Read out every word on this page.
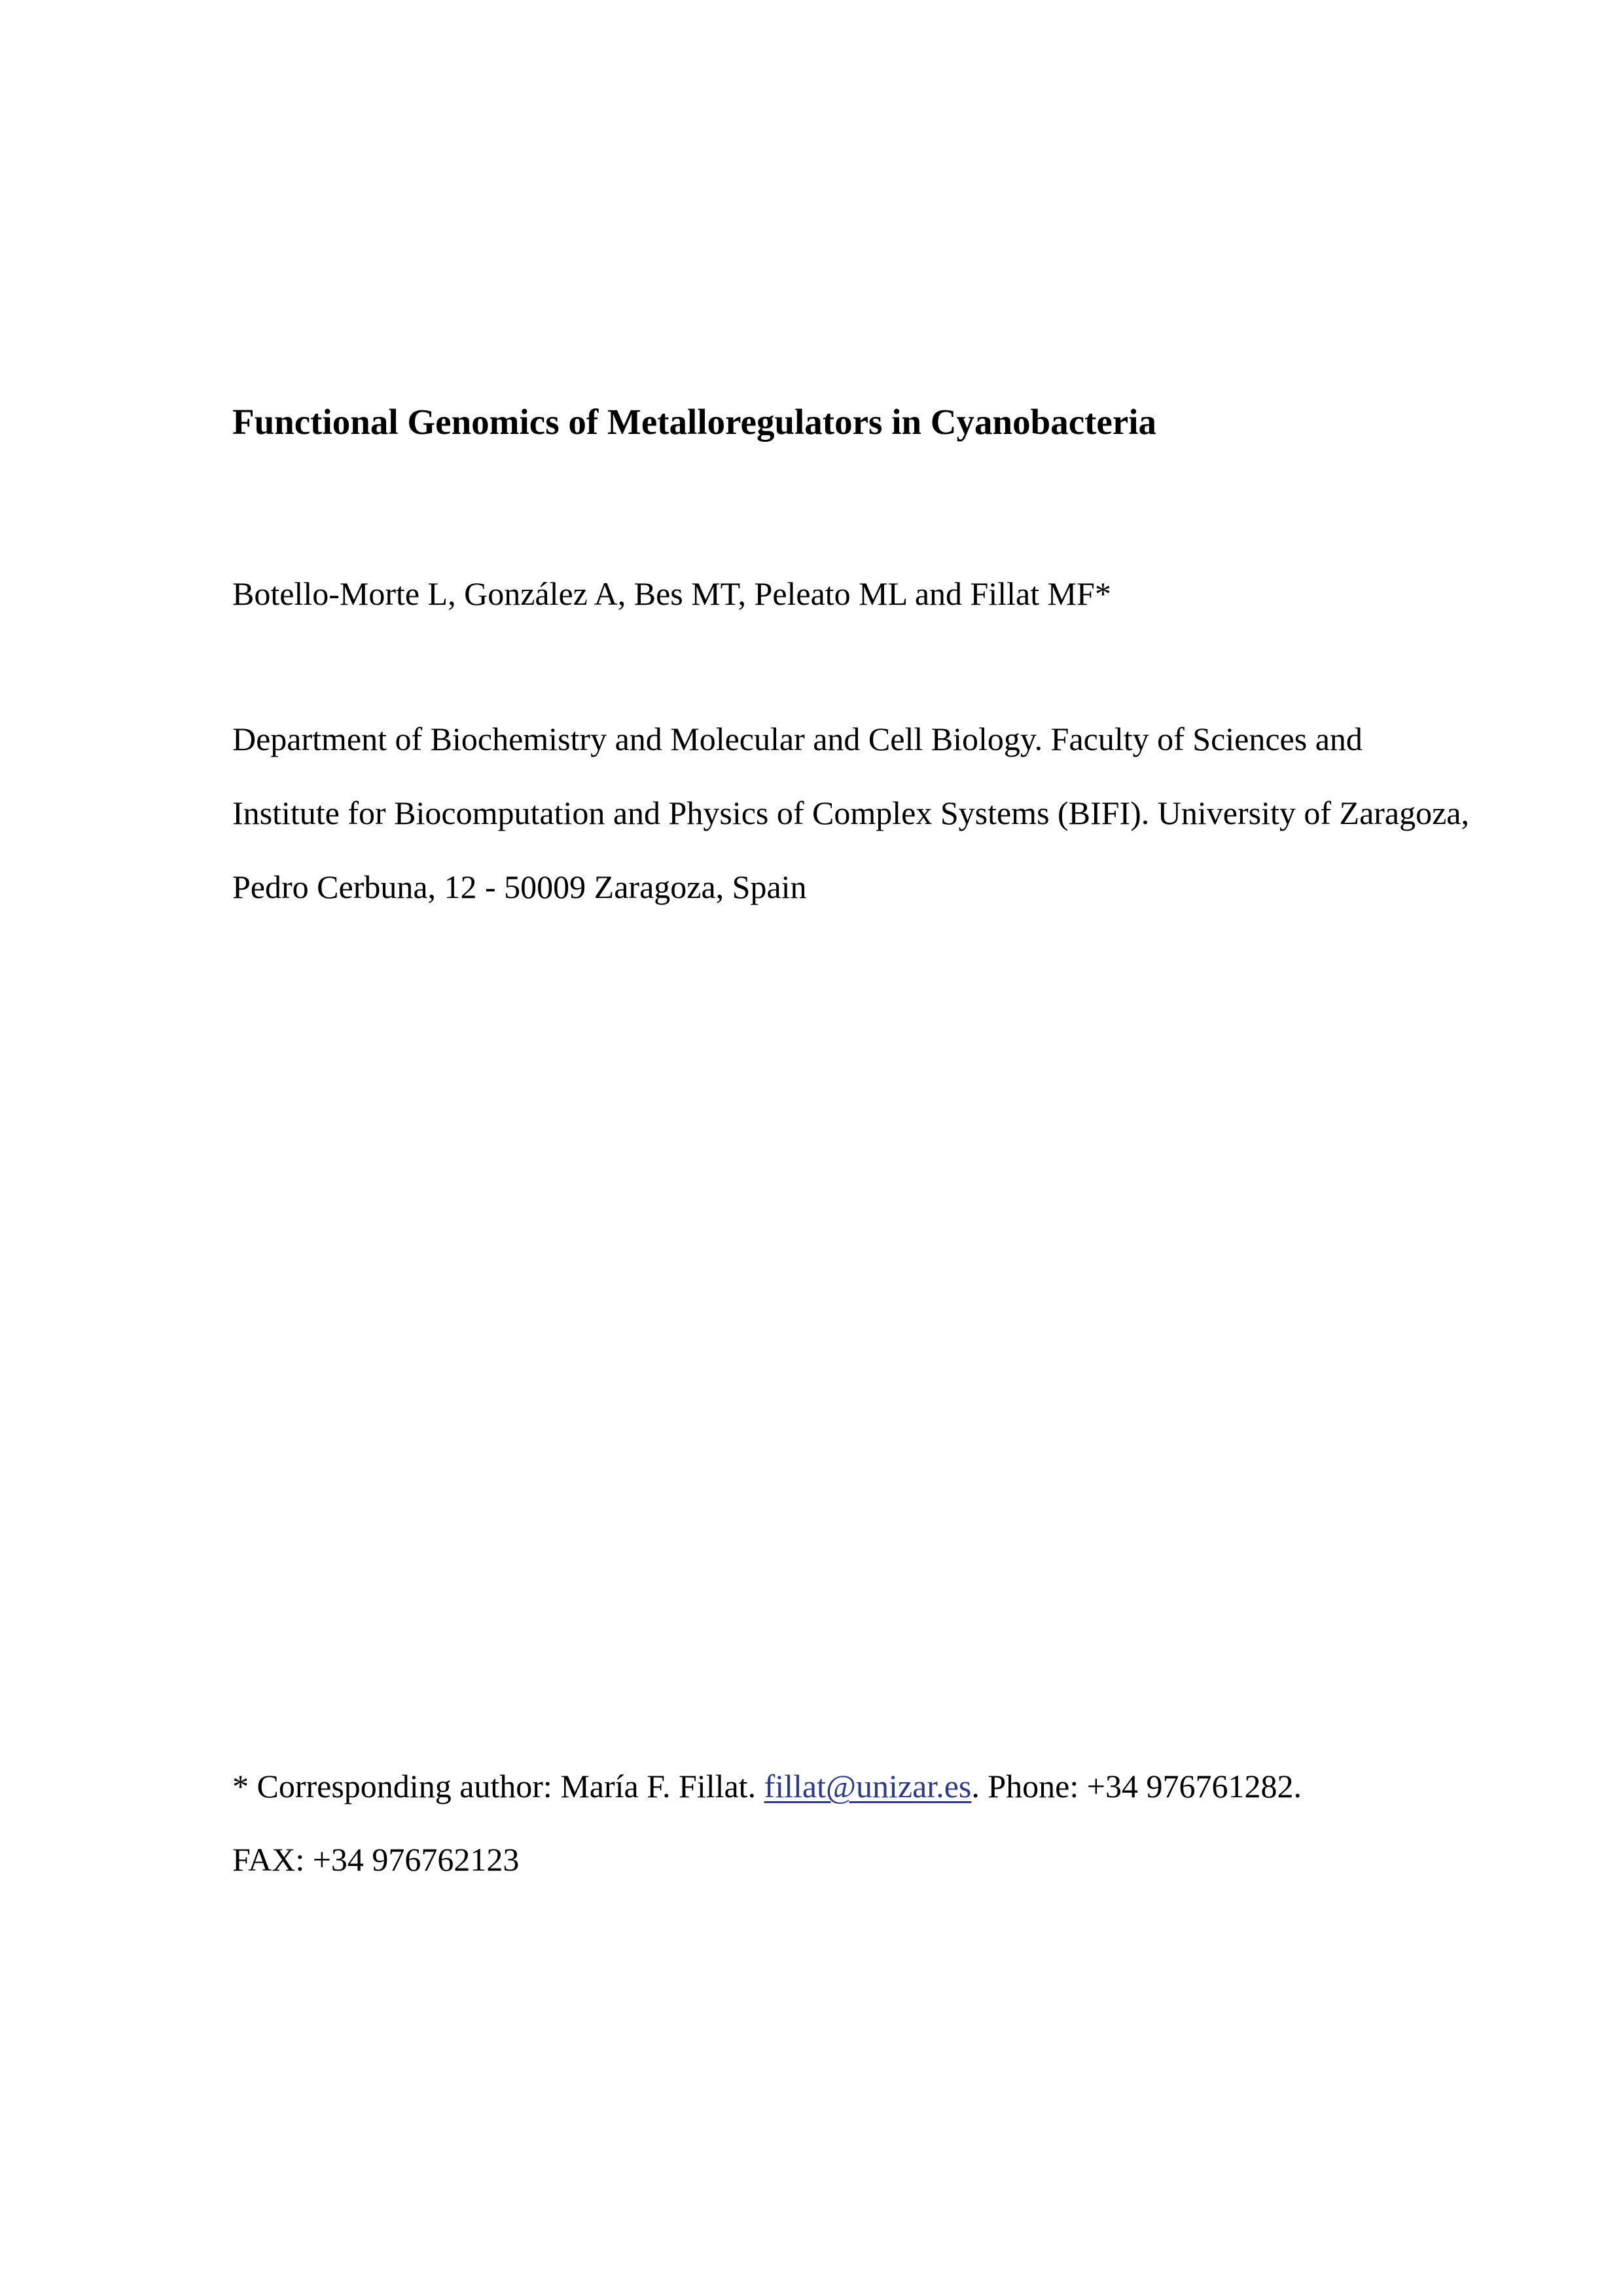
Functional Genomics of Metalloregulators in Cyanobacteria
Botello-Morte L, González A, Bes MT, Peleato ML and Fillat MF*
Department of Biochemistry and Molecular and Cell Biology. Faculty of Sciences and
Institute for Biocomputation and Physics of Complex Systems (BIFI). University of Zaragoza,
Pedro Cerbuna, 12 - 50009 Zaragoza, Spain
* Corresponding author: María F. Fillat. fillat@unizar.es. Phone: +34 976761282.
FAX: +34 976762123
